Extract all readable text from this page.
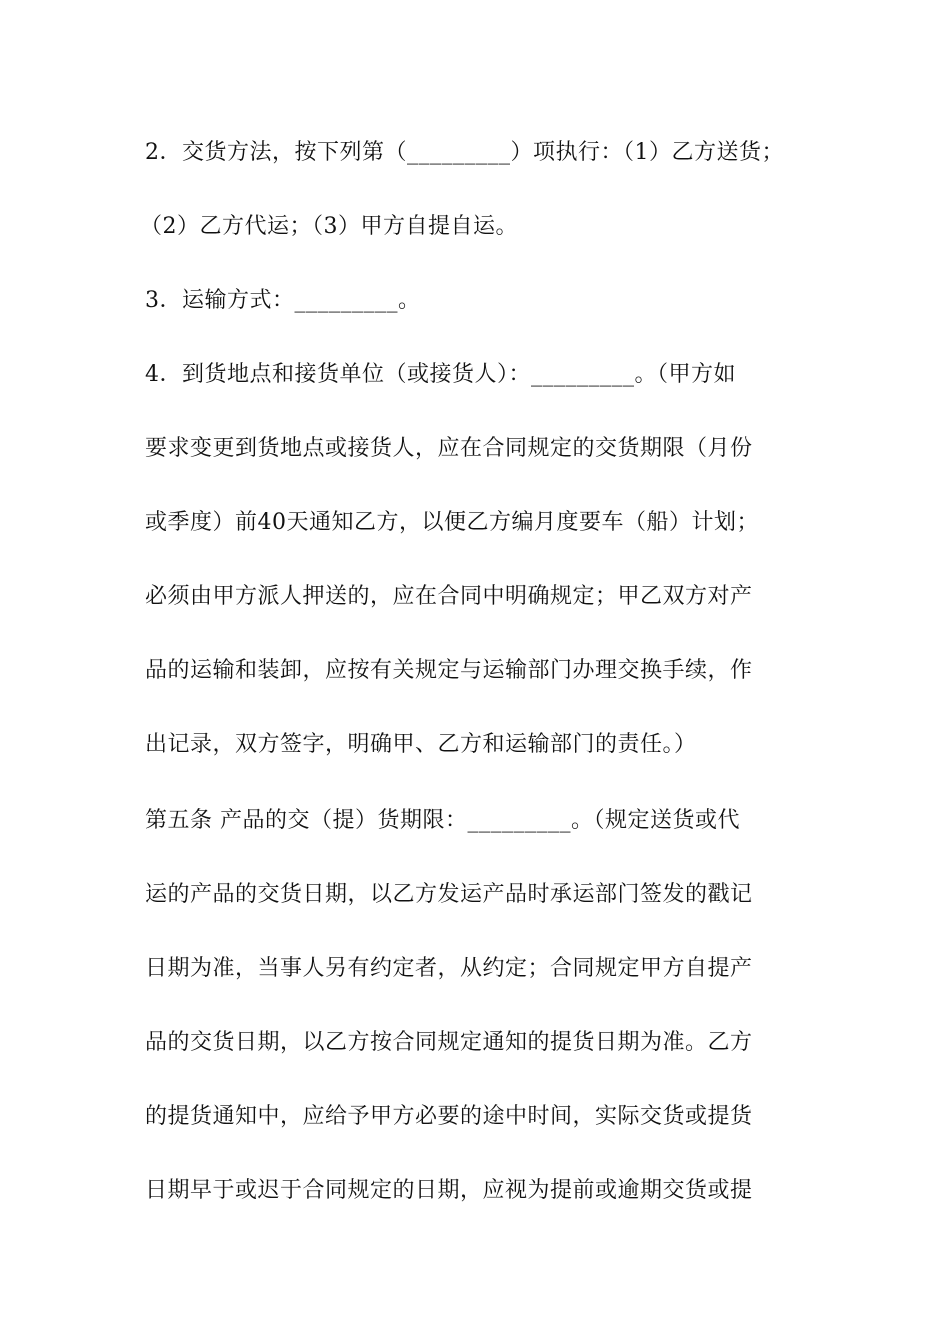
2．交货方法，按下列第（_________）项执行：（1）乙方送货；
（2）乙方代运；（3）甲方自提自运。
3．运输方式：_________。
4．到货地点和接货单位（或接货人）：_________。（甲方如
要求变更到货地点或接货人，应在合同规定的交货期限（月份
或季度）前40天通知乙方，以便乙方编月度要车（船）计划；
必须由甲方派人押送的，应在合同中明确规定；甲乙双方对产
品的运输和装卸，应按有关规定与运输部门办理交换手续，作
出记录，双方签字，明确甲、乙方和运输部门的责任。）
第五条 产品的交（提）货期限：_________。（规定送货或代
运的产品的交货日期，以乙方发运产品时承运部门签发的戳记
日期为准，当事人另有约定者，从约定；合同规定甲方自提产
品的交货日期，以乙方按合同规定通知的提货日期为准。乙方
的提货通知中，应给予甲方必要的途中时间，实际交货或提货
日期早于或迟于合同规定的日期，应视为提前或逾期交货或提
